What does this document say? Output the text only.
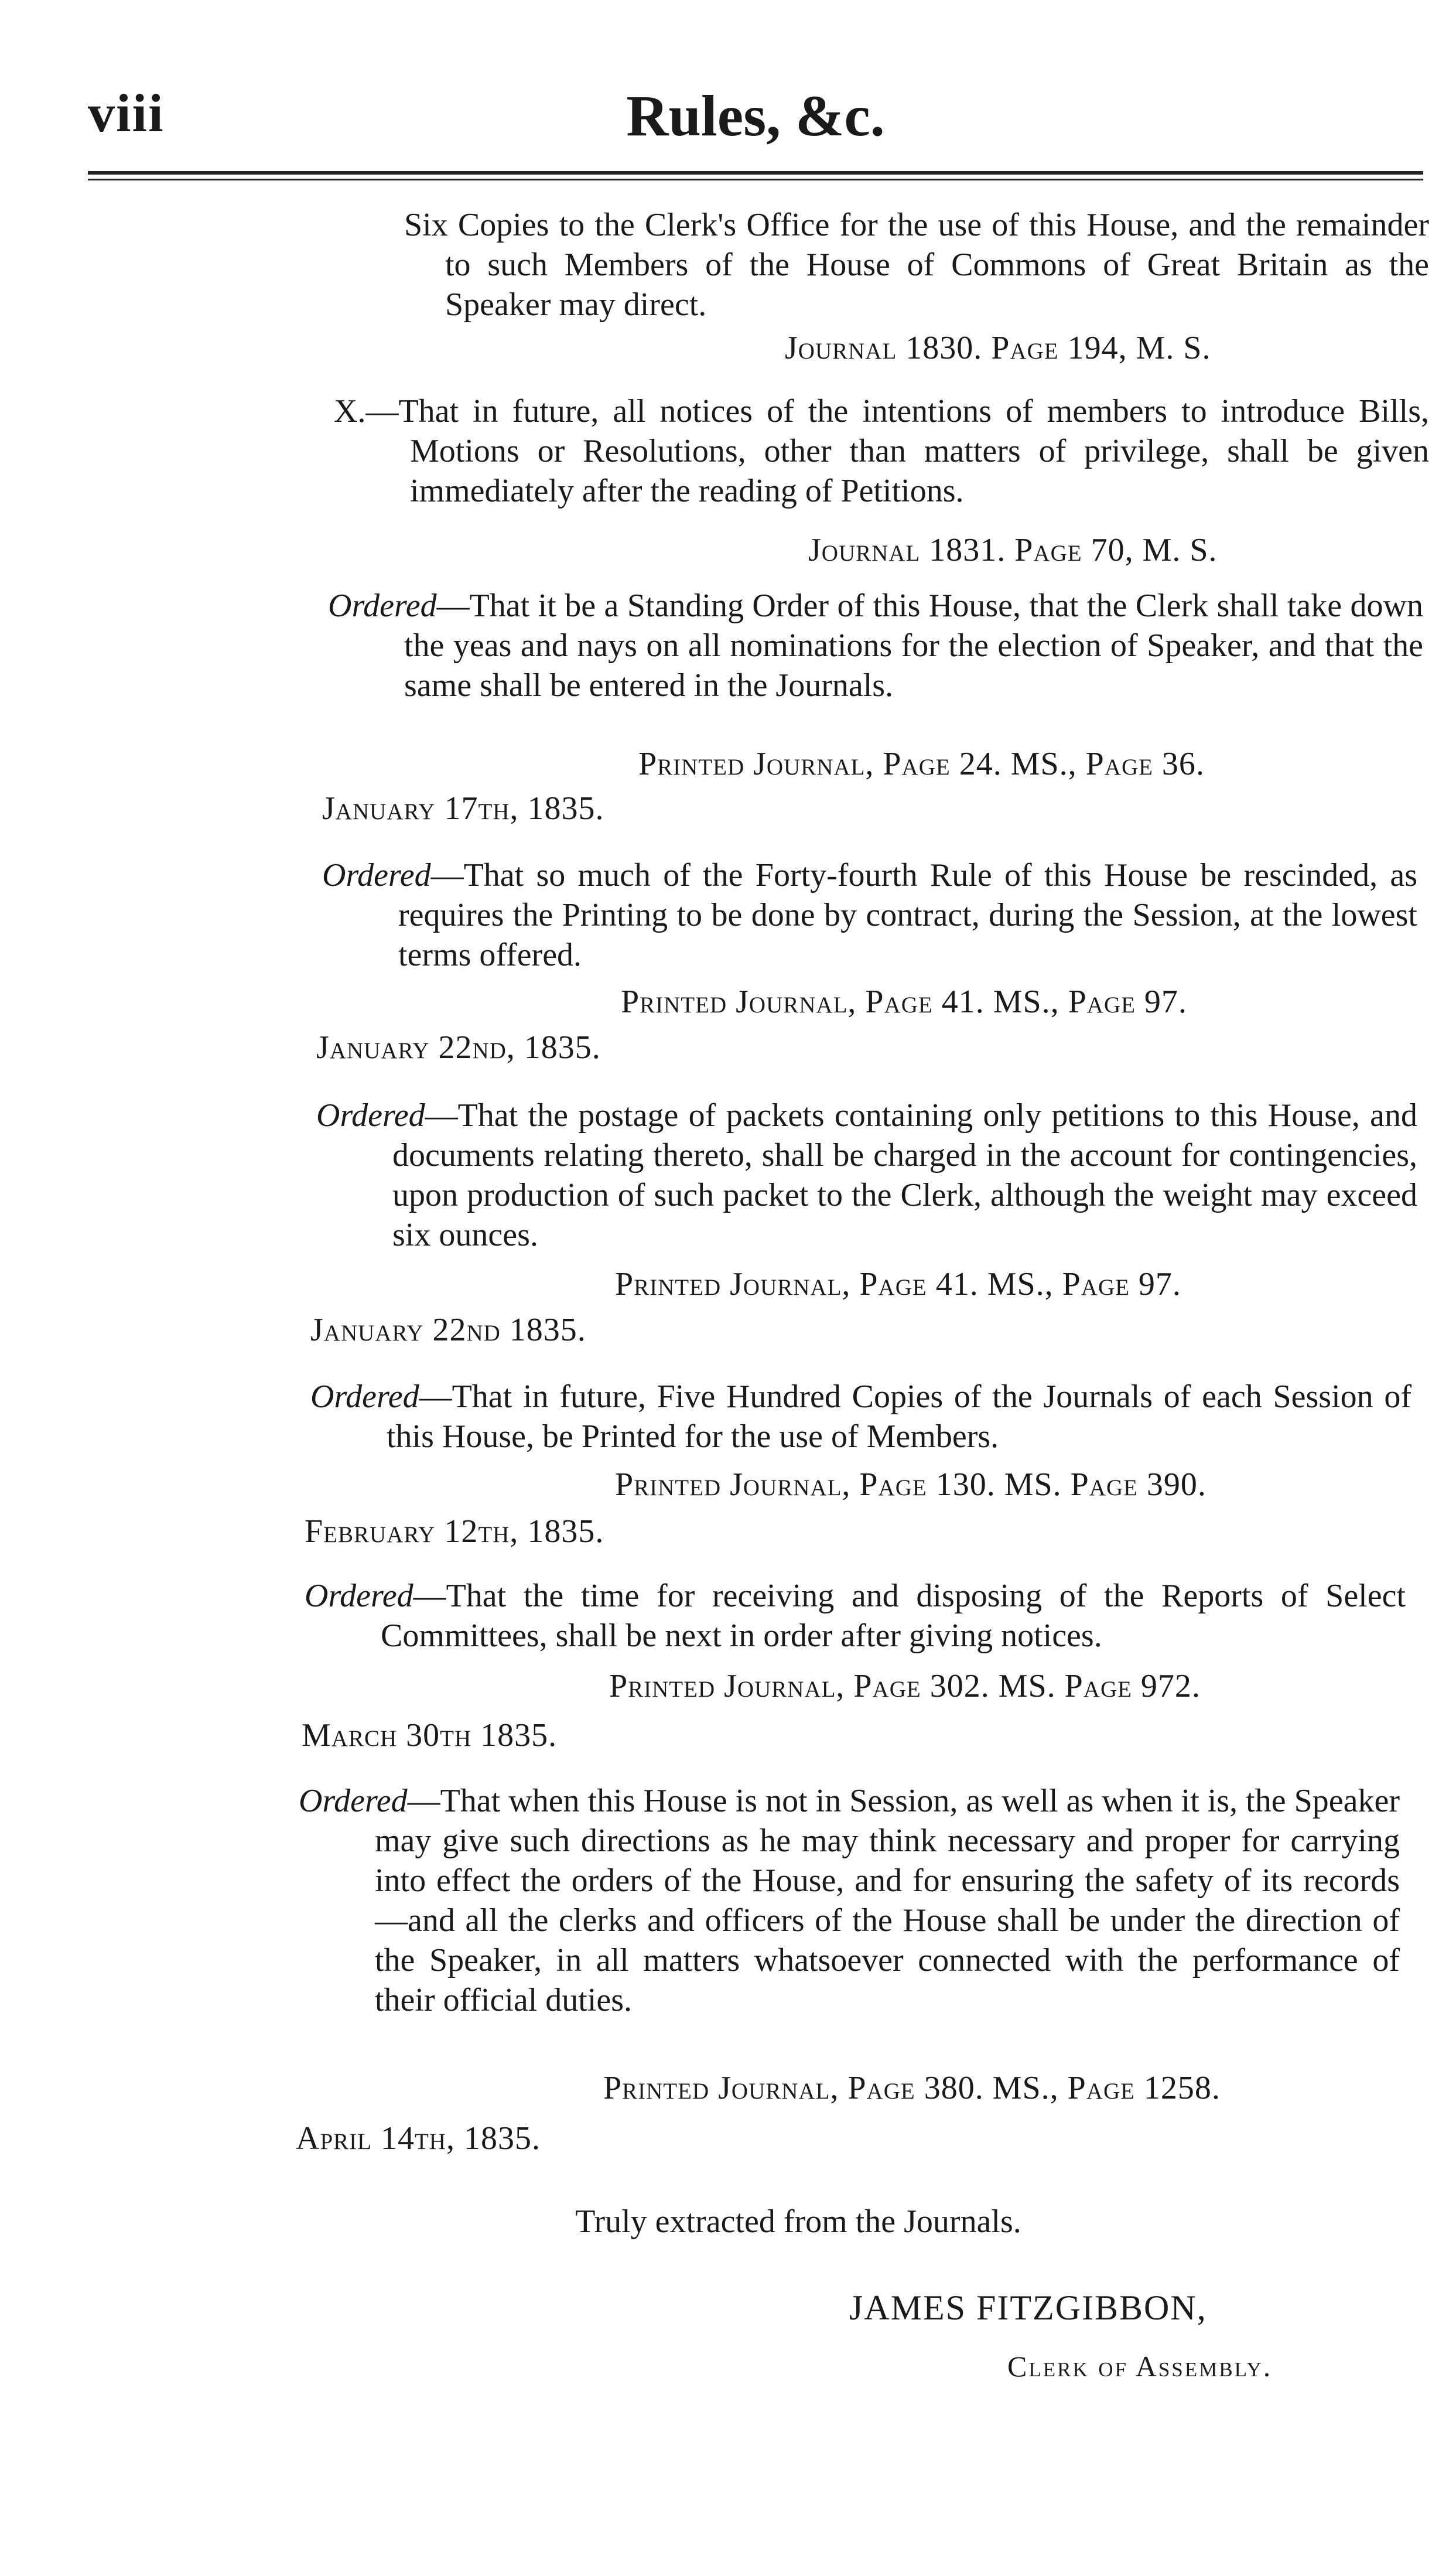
viii	Rules, &c.
Six Copies to the Clerk's Office for the use of this House, and the remainder to such Members of the House of Commons of Great Britain as the Speaker may direct.
Journal 1830. Page 194, M. S.
X.—That in future, all notices of the intentions of members to introduce Bills, Motions or Resolutions, other than matters of privilege, shall be given immediately after the reading of Petitions.
Journal 1831. Page 70, M. S.
Ordered—That it be a Standing Order of this House, that the Clerk shall take down the yeas and nays on all nominations for the election of Speaker, and that the same shall be entered in the Journals.
Printed Journal, Page 24. MS., Page 36.
January 17th, 1835.
Ordered—That so much of the Forty-fourth Rule of this House be rescinded, as requires the Printing to be done by contract, during the Session, at the lowest terms offered.
Printed Journal, Page 41. MS., Page 97.
January 22nd, 1835.
Ordered—That the postage of packets containing only petitions to this House, and documents relating thereto, shall be charged in the account for contingencies, upon production of such packet to the Clerk, although the weight may exceed six ounces.
Printed Journal, Page 41. MS., Page 97.
January 22nd 1835.
Ordered—That in future, Five Hundred Copies of the Journals of each Session of this House, be Printed for the use of Members.
Printed Journal, Page 130. MS. Page 390.
February 12th, 1835.
Ordered—That the time for receiving and disposing of the Reports of Select Committees, shall be next in order after giving notices.
Printed Journal, Page 302. MS. Page 972.
March 30th 1835.
Ordered—That when this House is not in Session, as well as when it is, the Speaker may give such directions as he may think necessary and proper for carrying into effect the orders of the House, and for ensuring the safety of its records—and all the clerks and officers of the House shall be under the direction of the Speaker, in all matters whatsoever connected with the performance of their official duties.
Printed Journal, Page 380. MS., Page 1258.
April 14th, 1835.
Truly extracted from the Journals.
JAMES FITZGIBBON,
Clerk of Assembly.
